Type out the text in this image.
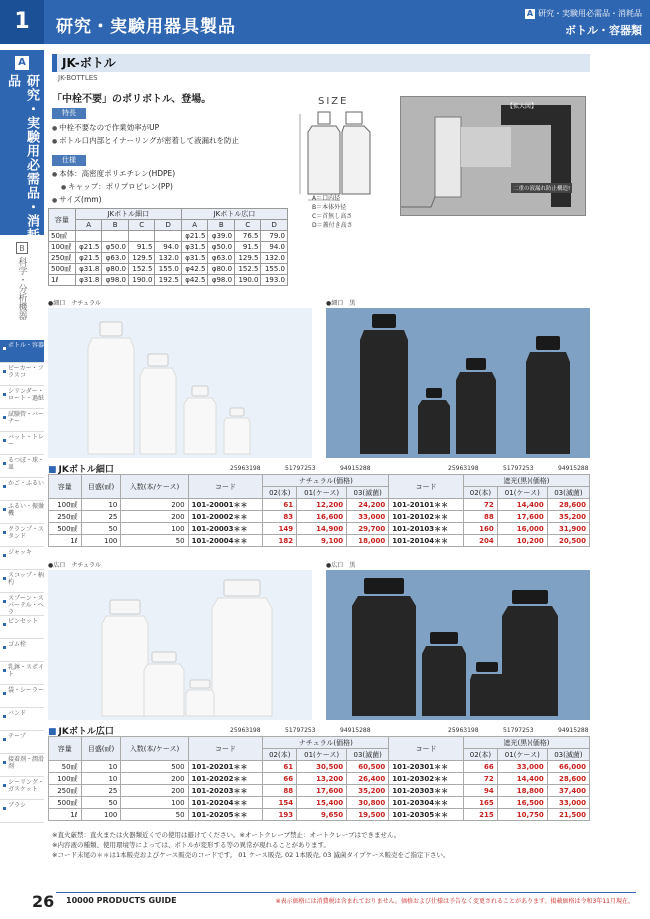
1	研究・実験用器具製品
A 研究・実験用必需品・消耗品
ボトル・容器類
A
研究・実験用必需品・消耗品
B
科学・分析機器
ボトル・容器
ビーカー・フラスコ
シリンダー・ロート・過紙
試験管・バーナー
バット・トレー
るつぼ・球・皿
かご・ふるい
ふるい・振盪機
クランプ・スタンド
ジャッキ
スコップ・柄杓
スプーン・スパーテル・ヘラ
ピンセット
ゴム栓
乳鉢・スポイト
袋・シーラー
バンド
テープ
接着剤・潤滑剤
シーリング・ガスケット
ブラシ
JK-ボトル
JK-BOTTLES
「中栓不要」のポリボトル、登場。
特長
● 中栓不要なので作業効率がUP
● ボトル口内部とイナーリングが密着して液漏れを防止
仕様
● 本体：高密度ポリエチレン(HDPE)
● キャップ：ポリプロピレン(PP)
● サイズ(mm)
容量	JKボトル細口				JKボトル広口			
	A	B	C	D	A	B	C	D
50㎖					φ21.5	φ39.0	76.5	79.0
100㎖	φ21.5	φ50.0	91.5	94.0	φ31.5	φ50.0	91.5	94.0
250㎖	φ21.5	φ63.0	129.5	132.0	φ31.5	φ63.0	129.5	132.0
500㎖	φ31.8	φ80.0	152.5	155.0	φ42.5	φ80.0	152.5	155.0
1ℓ	φ31.8	φ98.0	190.0	192.5	φ42.5	φ98.0	190.0	193.0
SIZE
A＝口内径
B＝本体外径
C＝首無し高さ
D＝蓋付き高さ
【拡大図】
二重の液漏れ防止構造!
●細口　ナチュラル	●細口　黒
■ JKボトル細口	25963198	51797253	94915288	25963198	51797253	94915288
容量	目盛(㎖)	入数(本/ケース)	コード	ナチュラル(価格)			コード	遮光(黒)(価格)		
				02(本)	01(ケース)	03(滅菌)		02(本)	01(ケース)	03(滅菌)
100㎖	10	200	101-20001＊＊	61	12,200	24,200	101-20101＊＊	72	14,400	28,600
250㎖	25	200	101-20002＊＊	83	16,600	33,000	101-20102＊＊	88	17,600	35,200
500㎖	50	100	101-20003＊＊	149	14,900	29,700	101-20103＊＊	160	16,000	31,900
1ℓ	100	50	101-20004＊＊	182	9,100	18,000	101-20104＊＊	204	10,200	20,500
●広口　ナチュラル	●広口　黒
■ JKボトル広口	25963198	51797253	94915288	25963198	51797253	94915288
容量	目盛(㎖)	入数(本/ケース)	コード	ナチュラル(価格)			コード	遮光(黒)(価格)		
				02(本)	01(ケース)	03(滅菌)		02(本)	01(ケース)	03(滅菌)
50㎖	10	500	101-20201＊＊	61	30,500	60,500	101-20301＊＊	66	33,000	66,000
100㎖	10	200	101-20202＊＊	66	13,200	26,400	101-20302＊＊	72	14,400	28,600
250㎖	25	200	101-20203＊＊	88	17,600	35,200	101-20303＊＊	94	18,800	37,400
500㎖	50	100	101-20204＊＊	154	15,400	30,800	101-20304＊＊	165	16,500	33,000
1ℓ	100	50	101-20205＊＊	193	9,650	19,500	101-20305＊＊	215	10,750	21,500
※直火厳禁：直火または火器類近くでの使用は避けてください。※オートクレーブ禁止：オートクレーブはできません。
※内容液の種類、使用環境等によっては、ボトルが変形する等の異常が現れることがあります。
※コード末尾の＊＊は1本販売およびケース販売のコードです。 01 ケース販売, 02 1本販売, 03 滅菌タイプケース販売をご指定下さい。
26 10000 PRODUCTS GUIDE	※表示価格には消費税は含まれておりません。価格および仕様は予告なく変更されることがあります。掲載価格は令和3年11月現在。
